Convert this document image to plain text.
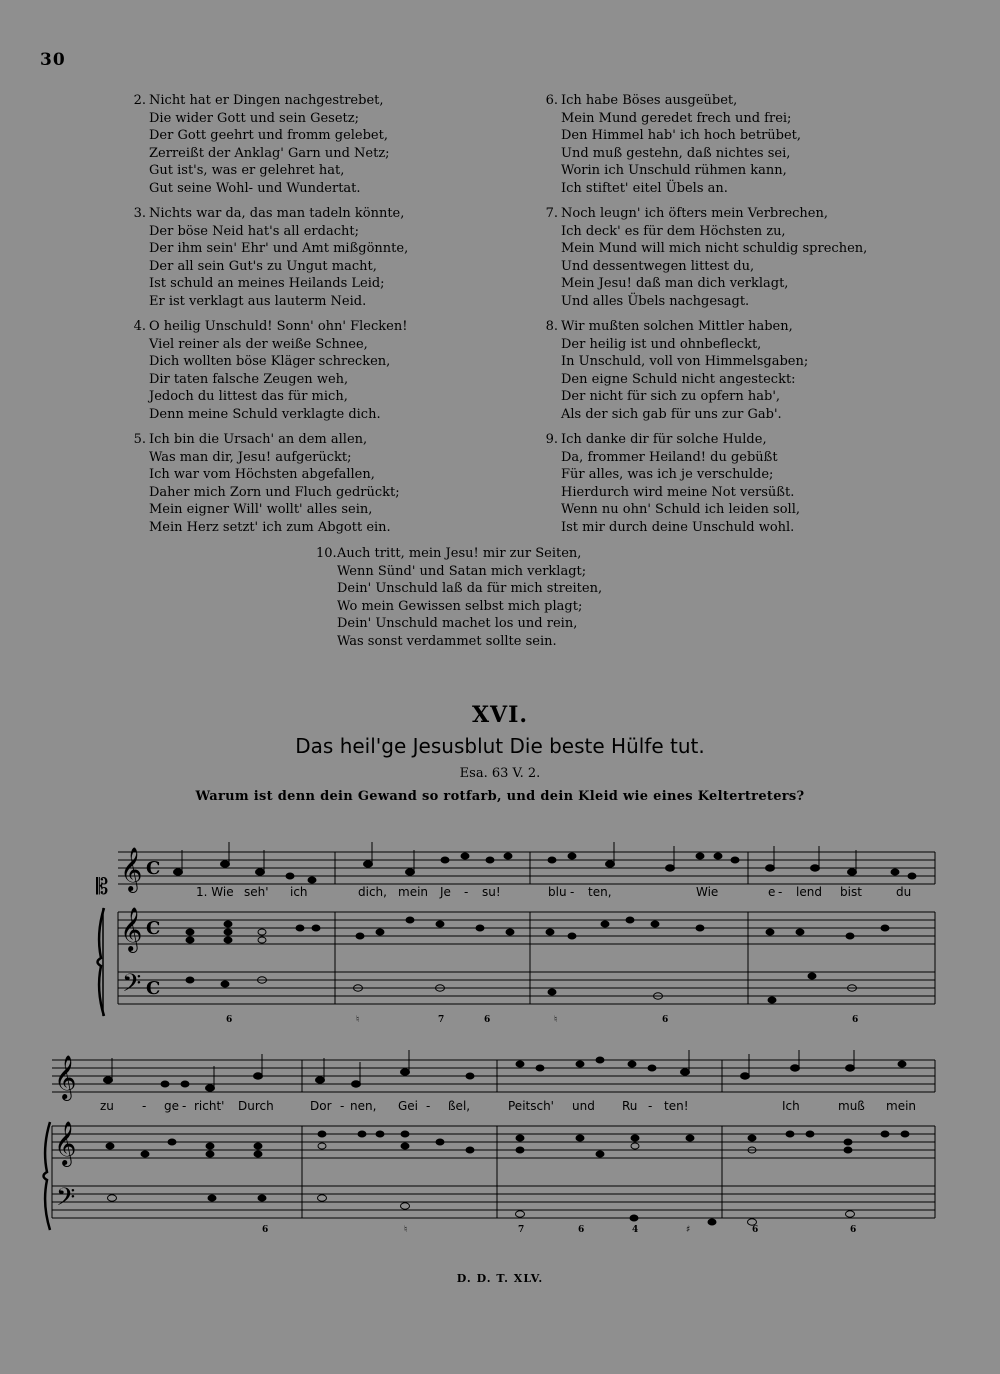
30
2. Nicht hat er Dingen nachgestrebet,
Die wider Gott und sein Gesetz;
Der Gott geehrt und fromm gelebet,
Zerreißt der Anklag' Garn und Netz;
Gut ist's, was er gelehret hat,
Gut seine Wohl- und Wundertat.
3. Nichts war da, das man tadeln könnte,
Der böse Neid hat's all erdacht;
Der ihm sein' Ehr' und Amt mißgönnte,
Der all sein Gut's zu Ungut macht,
Ist schuld an meines Heilands Leid;
Er ist verklagt aus lauterm Neid.
4. O heilig Unschuld! Sonn' ohn' Flecken!
Viel reiner als der weiße Schnee,
Dich wollten böse Kläger schrecken,
Dir taten falsche Zeugen weh,
Jedoch du littest das für mich,
Denn meine Schuld verklagte dich.
5. Ich bin die Ursach' an dem allen,
Was man dir, Jesu! aufgerückt;
Ich war vom Höchsten abgefallen,
Daher mich Zorn und Fluch gedrückt;
Mein eigner Will' wollt' alles sein,
Mein Herz setzt' ich zum Abgott ein.
6. Ich habe Böses ausgeübet,
Mein Mund geredet frech und frei;
Den Himmel hab' ich hoch betrübet,
Und muß gestehn, daß nichtes sei,
Worin ich Unschuld rühmen kann,
Ich stiftet' eitel Übels an.
7. Noch leugn' ich öfters mein Verbrechen,
Ich deck' es für dem Höchsten zu,
Mein Mund will mich nicht schuldig sprechen,
Und dessentwegen littest du,
Mein Jesu! daß man dich verklagt,
Und alles Übels nachgesagt.
8. Wir mußten solchen Mittler haben,
Der heilig ist und ohnbefleckt,
In Unschuld, voll von Himmelsgaben;
Den eigne Schuld nicht angesteckt:
Der nicht für sich zu opfern hab',
Als der sich gab für uns zur Gab'.
9. Ich danke dir für solche Hulde,
Da, frommer Heiland! du gebüßt
Für alles, was ich je verschulde;
Hierdurch wird meine Not versüßt.
Wenn nu ohn' Schuld ich leiden soll,
Ist mir durch deine Unschuld wohl.
10.Auch tritt, mein Jesu! mir zur Seiten,
Wenn Sünd' und Satan mich verklagt;
Dein' Unschuld laß da für mich streiten,
Wo mein Gewissen selbst mich plagt;
Dein' Unschuld machet los und rein,
Was sonst verdammet sollte sein.
XVI.
Das heil'ge Jesusblut Die beste Hülfe tut.
Esa. 63 V. 2.
Warum ist denn dein Gewand so rotfarb, und dein Kleid wie eines Keltertreters?
𝄞
𝄡
C
1. Wie seh' ich	dich, mein Je - su!	blu - ten,	Wie	e - lend bist	du
𝄞
𝄢
C
C
6	♮	7	6	♮	6	6
𝄞
zu - ge - richt' Durch	Dor - nen, Gei - ßel,	Peitsch' und Ru - ten!	Ich	muß mein
𝄞
𝄢
6	♮	7	6	4	♯	6	6
D. D. T. XLV.
